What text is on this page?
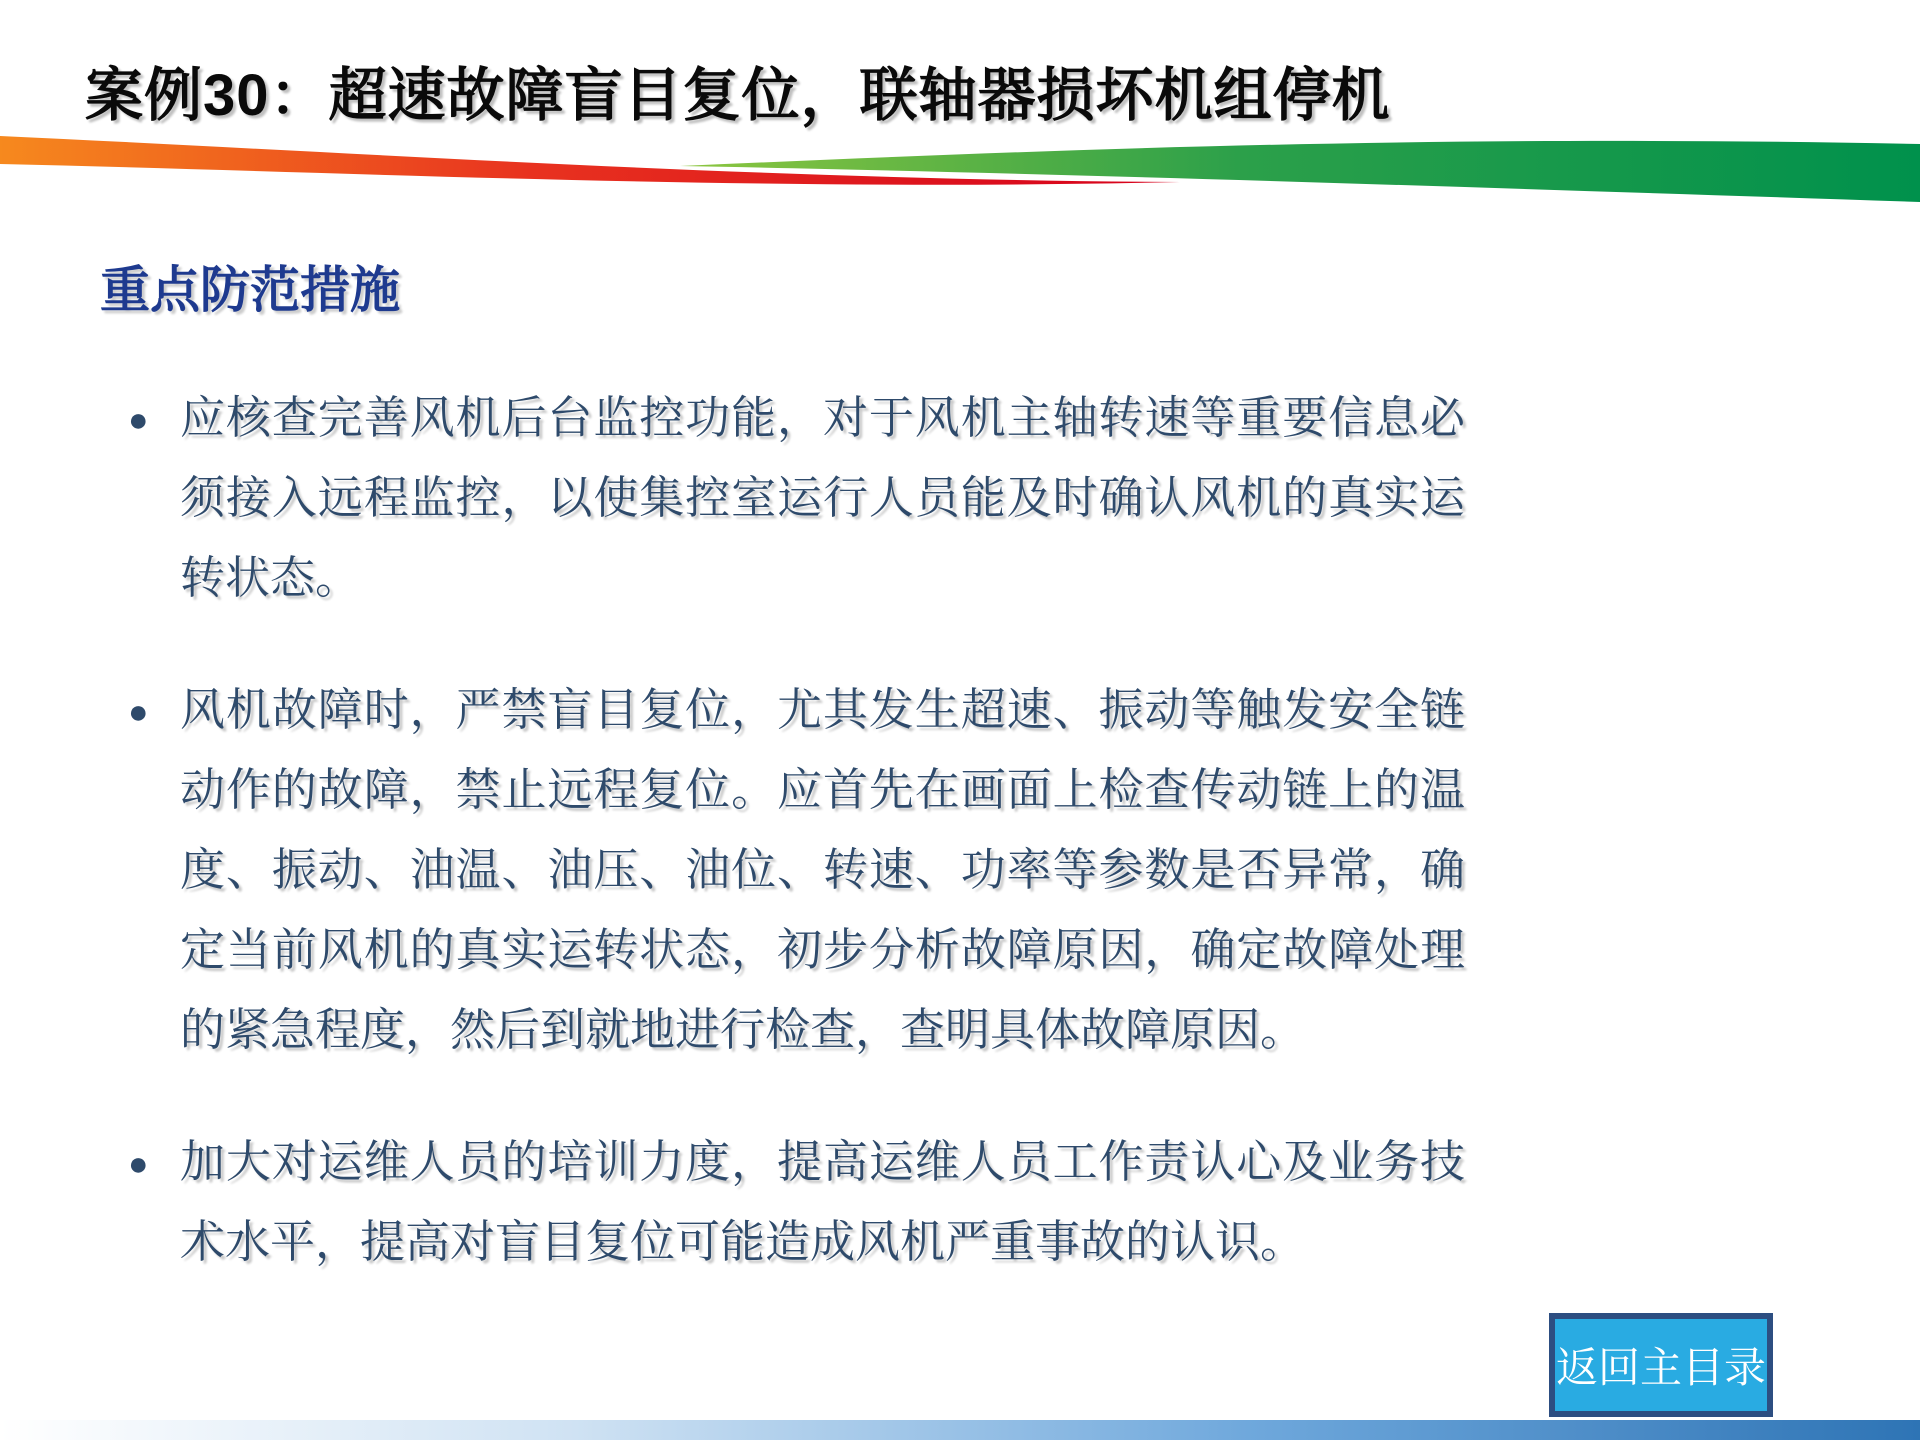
案例30：超速故障盲目复位，联轴器损坏机组停机
重点防范措施
● 应核查完善风机后台监控功能，对于风机主轴转速等重要信息必
须接入远程监控，以使集控室运行人员能及时确认风机的真实运
转状态。
● 风机故障时，严禁盲目复位，尤其发生超速、振动等触发安全链
动作的故障，禁止远程复位。应首先在画面上检查传动链上的温
度、振动、油温、油压、油位、转速、功率等参数是否异常，确
定当前风机的真实运转状态，初步分析故障原因，确定故障处理
的紧急程度，然后到就地进行检查，查明具体故障原因。
● 加大对运维人员的培训力度，提高运维人员工作责认心及业务技
术水平，提高对盲目复位可能造成风机严重事故的认识。
返回主目录
